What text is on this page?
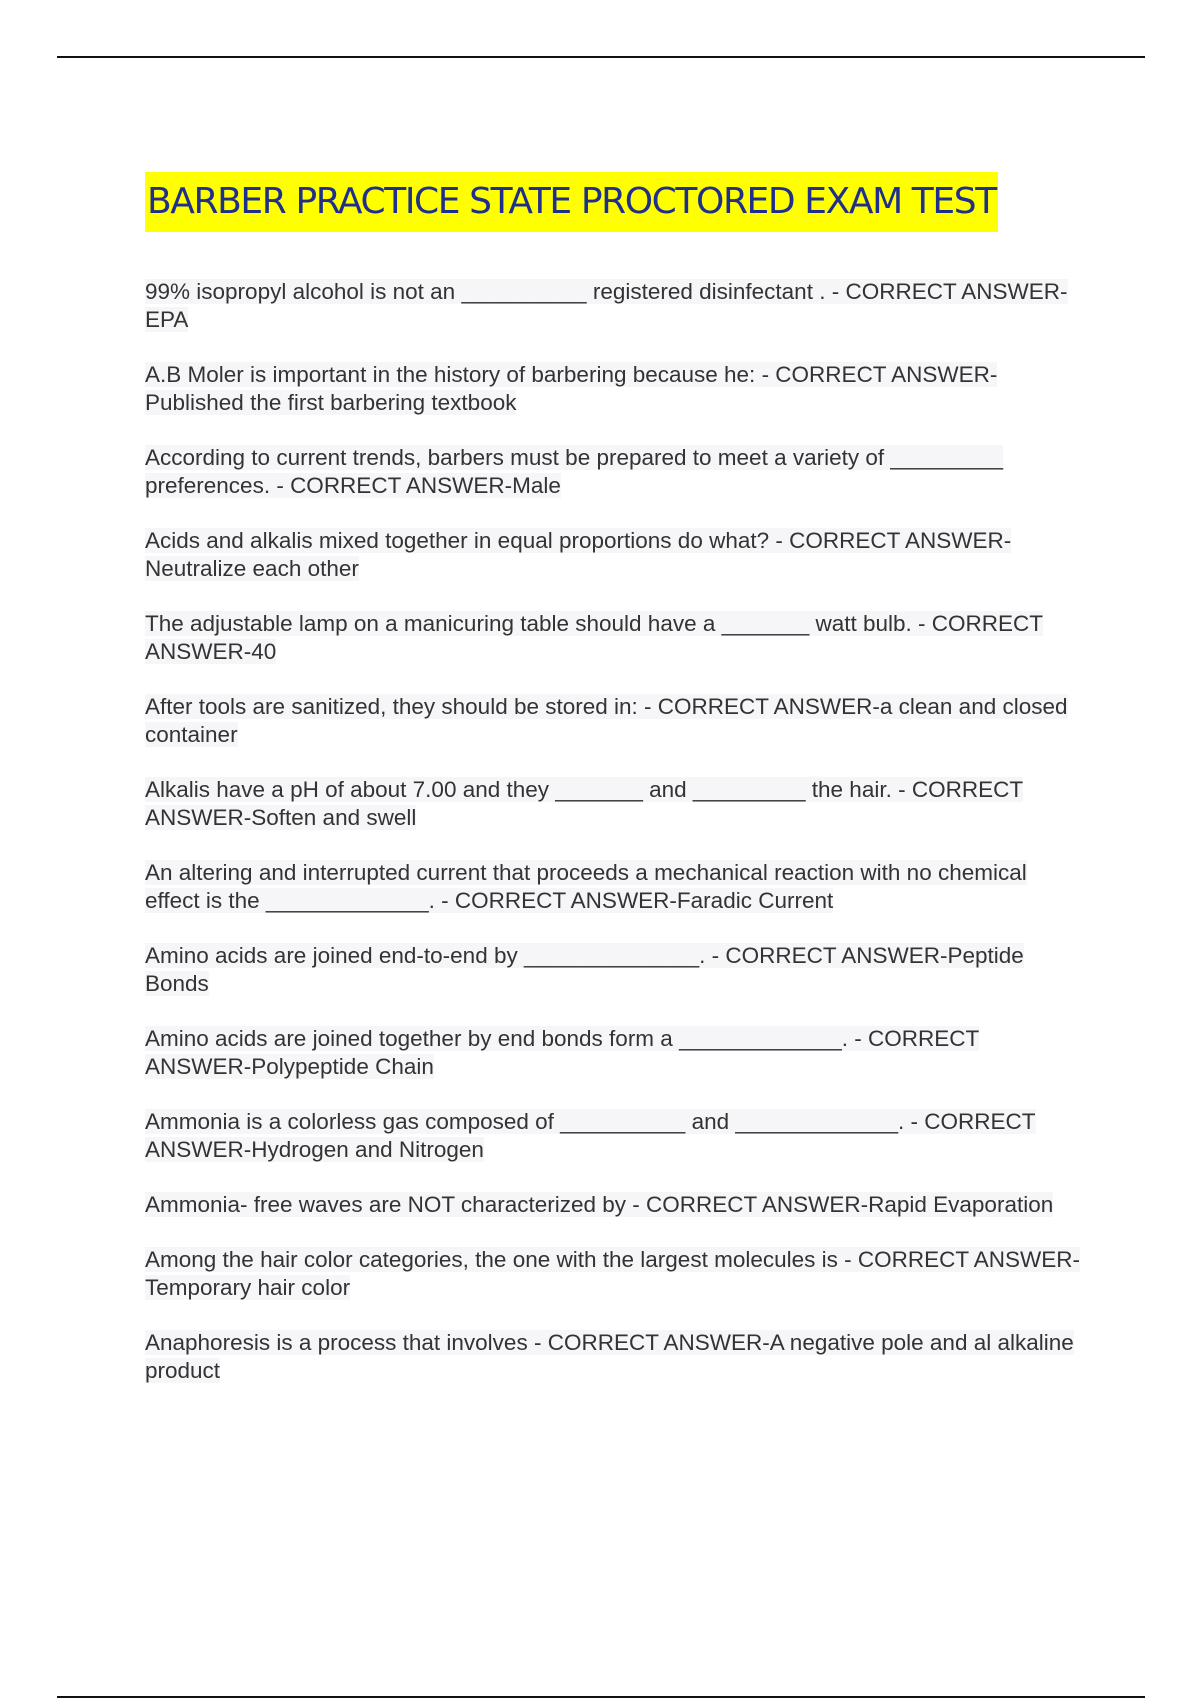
BARBER PRACTICE STATE PROCTORED EXAM TEST
99% isopropyl alcohol is not an __________ registered disinfectant . - CORRECT ANSWER-EPA
A.B Moler is important in the history of barbering because he: - CORRECT ANSWER-Published the first barbering textbook
According to current trends, barbers must be prepared to meet a variety of _________ preferences. - CORRECT ANSWER-Male
Acids and alkalis mixed together in equal proportions do what? - CORRECT ANSWER-Neutralize each other
The adjustable lamp on a manicuring table should have a _______ watt bulb. - CORRECT ANSWER-40
After tools are sanitized, they should be stored in: - CORRECT ANSWER-a clean and closed container
Alkalis have a pH of about 7.00 and they _______ and _________ the hair. - CORRECT ANSWER-Soften and swell
An altering and interrupted current that proceeds a mechanical reaction with no chemical effect is the _____________. - CORRECT ANSWER-Faradic Current
Amino acids are joined end-to-end by ______________. - CORRECT ANSWER-Peptide Bonds
Amino acids are joined together by end bonds form a _____________. - CORRECT ANSWER-Polypeptide Chain
Ammonia is a colorless gas composed of __________ and _____________. - CORRECT ANSWER-Hydrogen and Nitrogen
Ammonia- free waves are NOT characterized by - CORRECT ANSWER-Rapid Evaporation
Among the hair color categories, the one with the largest molecules is - CORRECT ANSWER-Temporary hair color
Anaphoresis is a process that involves - CORRECT ANSWER-A negative pole and al alkaline product
